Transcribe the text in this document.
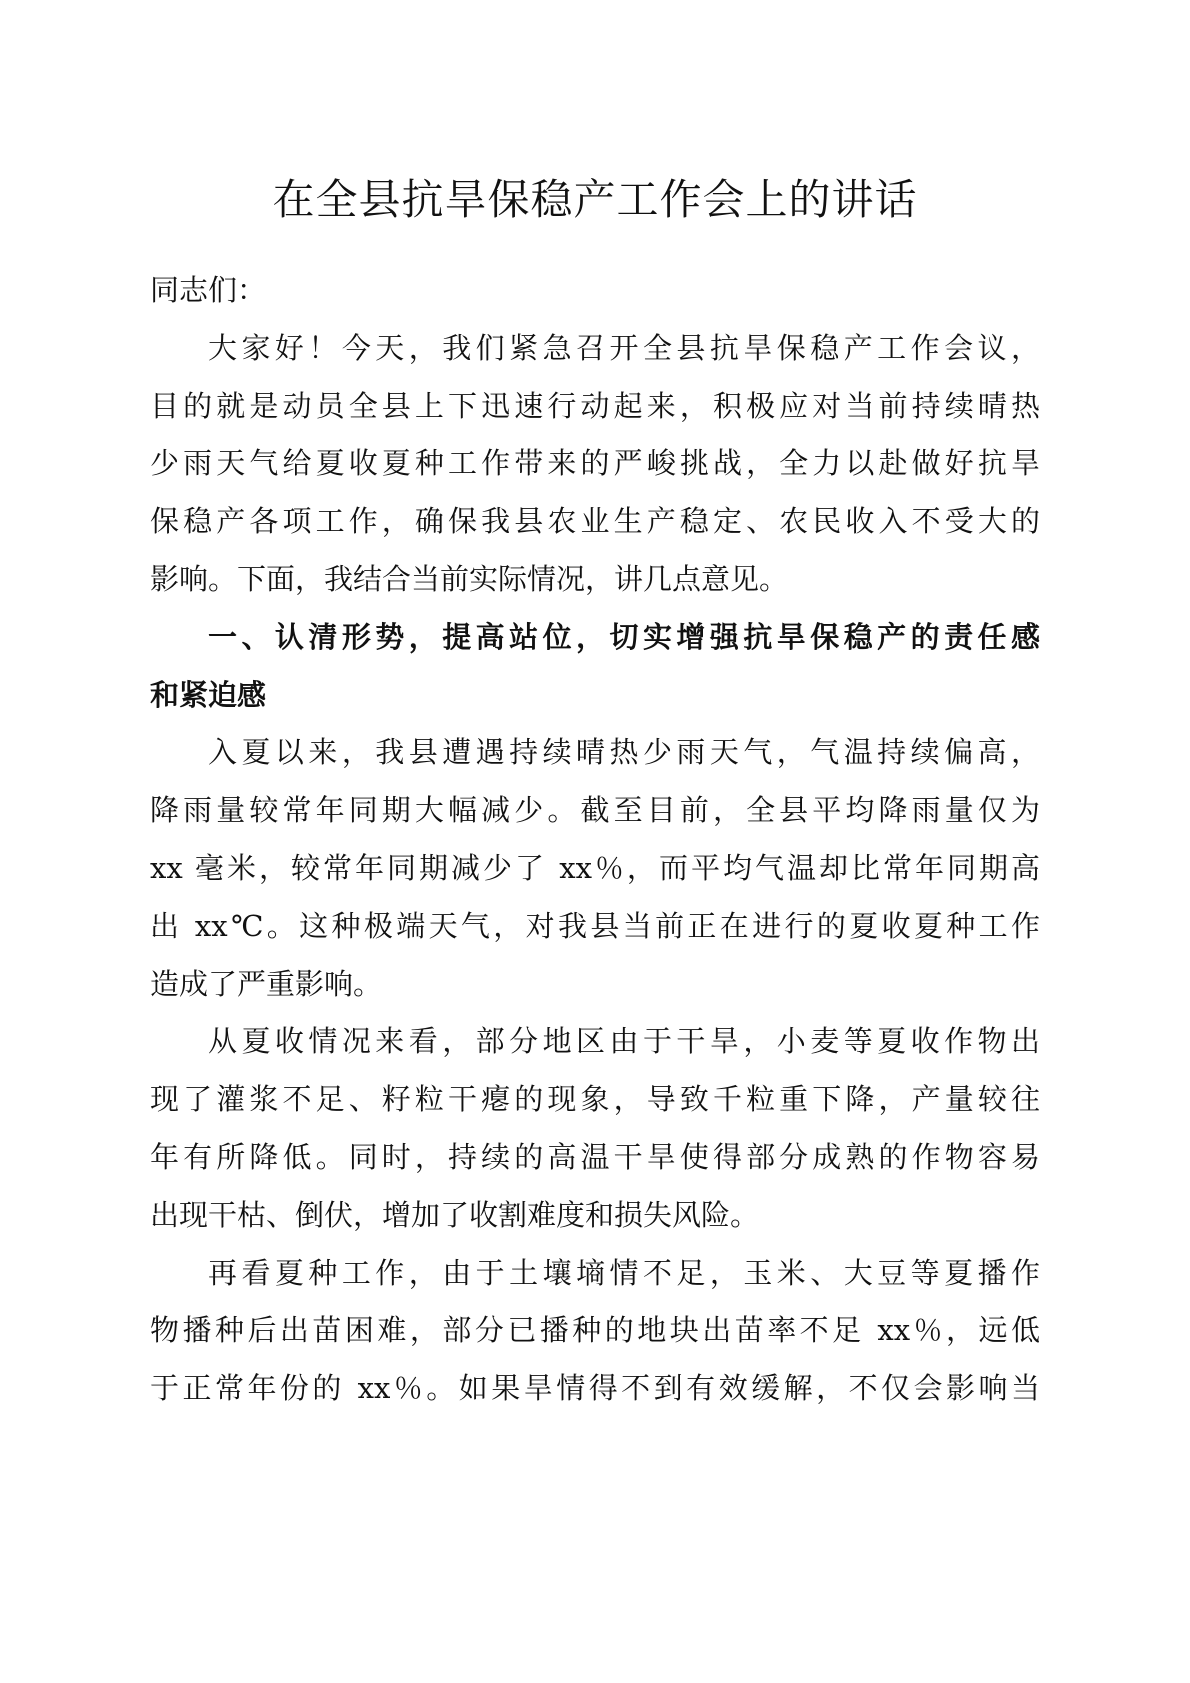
在全县抗旱保稳产工作会上的讲话
同志们：
大家好！今天，我们紧急召开全县抗旱保稳产工作会议，
目的就是动员全县上下迅速行动起来，积极应对当前持续晴热
少雨天气给夏收夏种工作带来的严峻挑战，全力以赴做好抗旱
保稳产各项工作，确保我县农业生产稳定、农民收入不受大的
影响。下面，我结合当前实际情况，讲几点意见。
一、认清形势，提高站位，切实增强抗旱保稳产的责任感
和紧迫感
入夏以来，我县遭遇持续晴热少雨天气，气温持续偏高，
降雨量较常年同期大幅减少。截至目前，全县平均降雨量仅为
xx 毫米，较常年同期减少了 xx％，而平均气温却比常年同期高
出 xx℃。这种极端天气，对我县当前正在进行的夏收夏种工作
造成了严重影响。
从夏收情况来看，部分地区由于干旱，小麦等夏收作物出
现了灌浆不足、籽粒干瘪的现象，导致千粒重下降，产量较往
年有所降低。同时，持续的高温干旱使得部分成熟的作物容易
出现干枯、倒伏，增加了收割难度和损失风险。
再看夏种工作，由于土壤墒情不足，玉米、大豆等夏播作
物播种后出苗困难，部分已播种的地块出苗率不足 xx％，远低
于正常年份的 xx％。如果旱情得不到有效缓解，不仅会影响当
